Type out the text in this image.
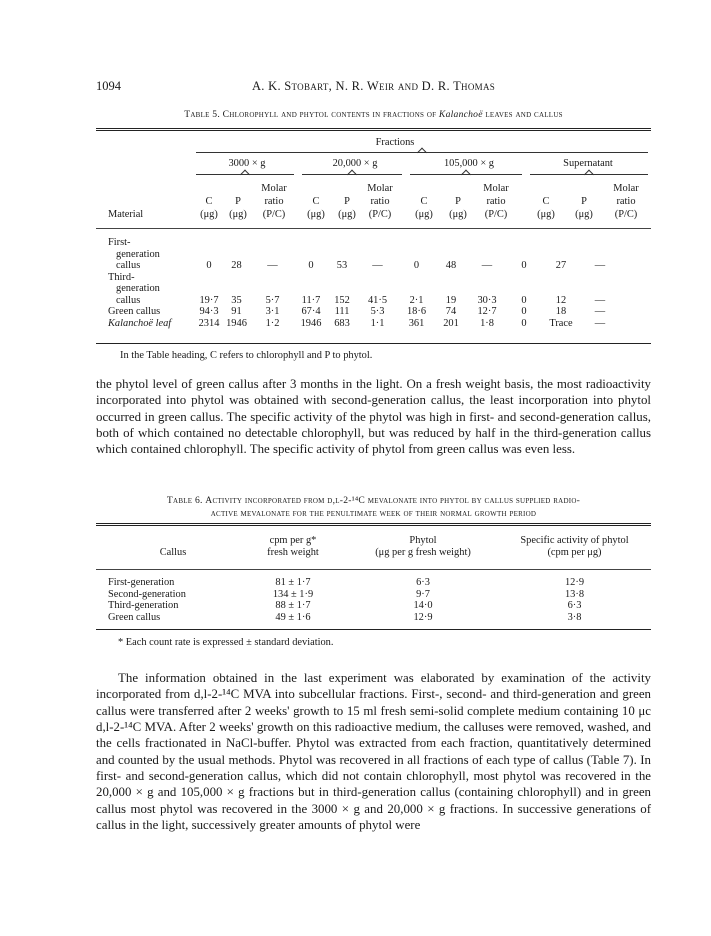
1094	A. K. Stobart, N. R. Weir and D. R. Thomas
Table 5. Chlorophyll and phytol contents in fractions of Kalanchoë leaves and callus
Fractions
3000 × g	20,000 × g	105,000 × g	Supernatant
Molar	Molar	Molar	Molar
C	P	ratio	C	P	ratio	C	P	ratio	C	P	ratio
Material	(μg)	(μg)	(P/C)	(μg)	(μg)	(P/C)	(μg)	(μg)	(P/C)	(μg)	(μg)	(P/C)
First-												
generation												
callus	0	28	—	0	53	—	0	48	—	0	27	—
Third-												
generation												
callus	19·7	35	5·7	11·7	152	41·5	2·1	19	30·3	0	12	—
Green callus	94·3	91	3·1	67·4	111	5·3	18·6	74	12·7	0	18	—
Kalanchoë leaf	2314	1946	1·2	1946	683	1·1	361	201	1·8	0	Trace	—
In the Table heading, C refers to chlorophyll and P to phytol.

the phytol level of green callus after 3 months in the light. On a fresh weight basis, the most radioactivity incorporated into phytol was obtained with second-generation callus, the least incorporation into phytol occurred in green callus. The specific activity of the phytol was high in first- and second-generation callus, both of which contained no detectable chlorophyll, but was reduced by half in the third-generation callus which contained chlorophyll. The specific activity of phytol from green callus was even less.

Table 6. Activity incorporated from d,l-2-¹⁴C mevalonate into phytol by callus supplied radio-
active mevalonate for the penultimate week of their normal growth period
	cpm per g*	Phytol	Specific activity of phytol
Callus	fresh weight	(μg per g fresh weight)	(cpm per μg)
First-generation	81 ± 1·7	6·3	12·9
Second-generation	134 ± 1·9	9·7	13·8
Third-generation	88 ± 1·7	14·0	6·3
Green callus	49 ± 1·6	12·9	3·8
* Each count rate is expressed ± standard deviation.

The information obtained in the last experiment was elaborated by examination of the activity incorporated from d,l-2-¹⁴C MVA into subcellular fractions. First-, second- and third-generation and green callus were transferred after 2 weeks' growth to 15 ml fresh semi-solid complete medium containing 10 μc d,l-2-¹⁴C MVA. After 2 weeks' growth on this radioactive medium, the calluses were removed, washed, and the cells fractionated in NaCl-buffer. Phytol was extracted from each fraction, quantitatively determined and counted by the usual methods. Phytol was recovered in all fractions of each type of callus (Table 7). In first- and second-generation callus, which did not contain chlorophyll, most phytol was recovered in the 20,000 × g and 105,000 × g fractions but in third-generation callus (containing chlorophyll) and in green callus most phytol was recovered in the 3000 × g and 20,000 × g fractions. In successive generations of callus in the light, successively greater amounts of phytol were
